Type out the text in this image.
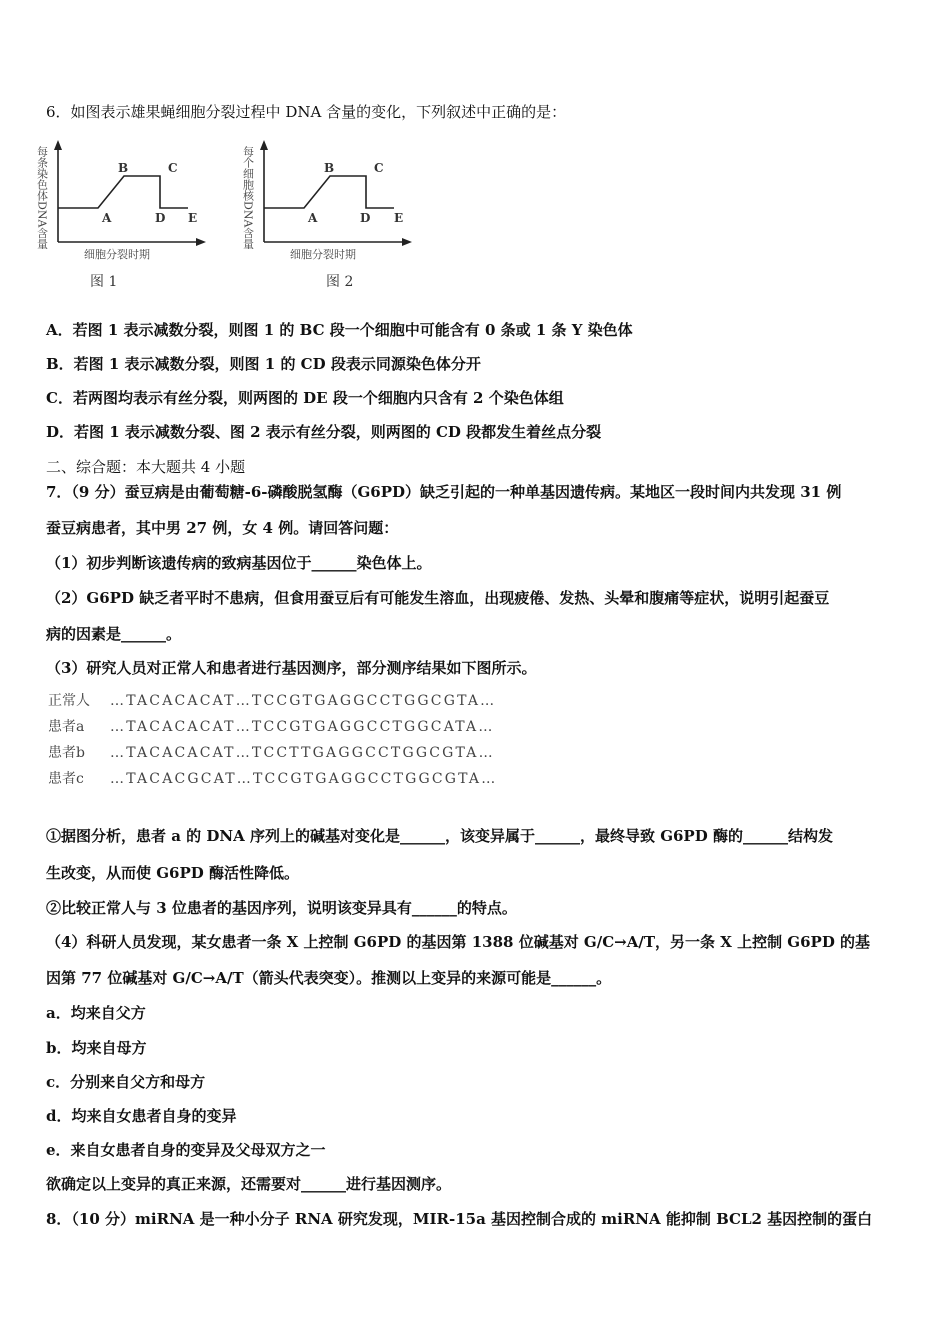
6．如图表示雄果蝇细胞分裂过程中 DNA 含量的变化，下列叙述中正确的是：
A
B	C
D E
每条染色体DNA含量
细胞分裂时期
图 1
A
B	C
D E
每个细胞核DNA含量
细胞分裂时期
图 2
A．若图 1 表示减数分裂，则图 1 的 BC 段一个细胞中可能含有 0 条或 1 条 Y 染色体
B．若图 1 表示减数分裂，则图 1 的 CD 段表示同源染色体分开
C．若两图均表示有丝分裂，则两图的 DE 段一个细胞内只含有 2 个染色体组
D．若图 1 表示减数分裂、图 2 表示有丝分裂，则两图的 CD 段都发生着丝点分裂
二、综合题：本大题共 4 小题
7．（9 分）蚕豆病是由葡萄糖-6-磷酸脱氢酶（G6PD）缺乏引起的一种单基因遗传病。某地区一段时间内共发现 31 例
蚕豆病患者，其中男 27 例，女 4 例。请回答问题：
（1）初步判断该遗传病的致病基因位于______染色体上。
（2）G6PD 缺乏者平时不患病，但食用蚕豆后有可能发生溶血，出现疲倦、发热、头晕和腹痛等症状，说明引起蚕豆
病的因素是______。
（3）研究人员对正常人和患者进行基因测序，部分测序结果如下图所示。
正常人 …TACACACAT…TCCGTGAGGCCTGGCGTA…
患者a …TACACACAT…TCCGTGAGGCCTGGCATA…
患者b …TACACACAT…TCCTTGAGGCCTGGCGTA…
患者c …TACACGCAT…TCCGTGAGGCCTGGCGTA…
①据图分析，患者 a 的 DNA 序列上的碱基对变化是______，该变异属于______，最终导致 G6PD 酶的______结构发
生改变，从而使 G6PD 酶活性降低。
②比较正常人与 3 位患者的基因序列，说明该变异具有______的特点。
（4）科研人员发现，某女患者一条 X 上控制 G6PD 的基因第 1388 位碱基对 G/C→A/T，另一条 X 上控制 G6PD 的基
因第 77 位碱基对 G/C→A/T（箭头代表突变）。推测以上变异的来源可能是______。
a．均来自父方
b．均来自母方
c．分别来自父方和母方
d．均来自女患者自身的变异
e．来自女患者自身的变异及父母双方之一
欲确定以上变异的真正来源，还需要对______进行基因测序。
8．（10 分）miRNA 是一种小分子 RNA 研究发现，MIR-15a 基因控制合成的 miRNA 能抑制 BCL2 基因控制的蛋白
